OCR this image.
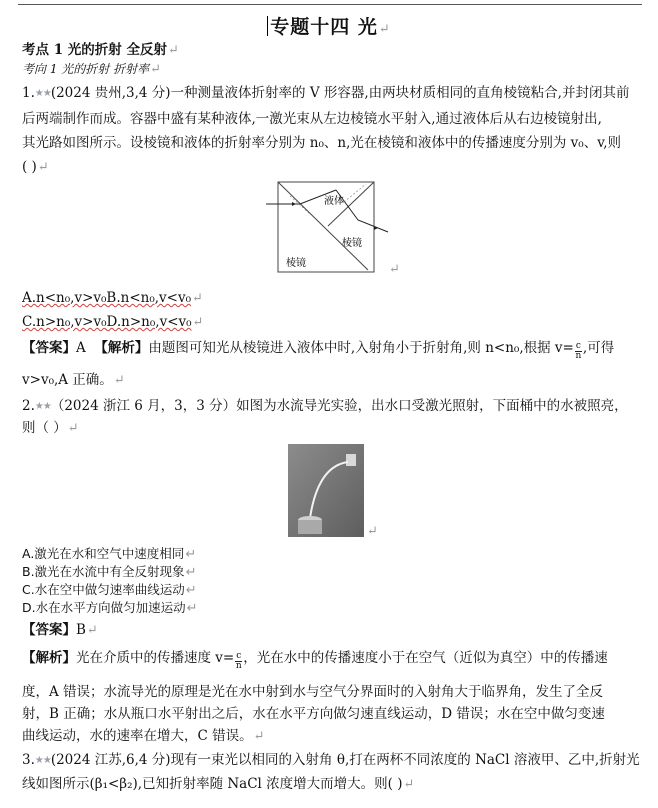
专题十四 光↵
考点 1 光的折射 全反射↵
考向 1 光的折射 折射率↵
1.★★(2024 贵州,3,4 分)一种测量液体折射率的 V 形容器,由两块材质相同的直角棱镜粘合,并封闭其前
后两端制作而成。容器中盛有某种液体,一激光束从左边棱镜水平射入,通过液体后从右边棱镜射出,
其光路如图所示。设棱镜和液体的折射率分别为 n₀、n,光在棱镜和液体中的传播速度分别为 v₀、v,则
( )↵
液体
棱镜
棱镜	↵
A.n<n₀,v>v₀B.n<n₀,v<v₀↵
C.n>n₀,v>v₀D.n>n₀,v<v₀↵
【答案】A 【解析】由题图可知光从棱镜进入液体中时,入射角小于折射角,则 n<n₀,根据 $v= \frac{c}{n}$ ,可得
v>v₀,A 正确。↵
2.★★（2024 浙江 6 月，3，3 分）如图为水流导光实验，出水口受激光照射，下面桶中的水被照亮，
则（ ）↵
↵
A.激光在水和空气中速度相同↵
B.激光在水流中有全反射现象↵
C.水在空中做匀速率曲线运动↵
D.水在水平方向做匀加速运动↵
【答案】B↵
【解析】光在介质中的传播速度 $v= \frac{c}{n}$ ，光在水中的传播速度小于在空气（近似为真空）中的传播速
度，A 错误；水流导光的原理是光在水中射到水与空气分界面时的入射角大于临界角，发生了全反
射，B 正确；水从瓶口水平射出之后，水在水平方向做匀速直线运动，D 错误；水在空中做匀变速
曲线运动，水的速率在增大，C 错误。↵
3.★★(2024 江苏,6,4 分)现有一束光以相同的入射角 θ,打在两杯不同浓度的 NaCl 溶液甲、乙中,折射光
线如图所示(β₁<β₂),已知折射率随 NaCl 浓度增大而增大。则( )↵
